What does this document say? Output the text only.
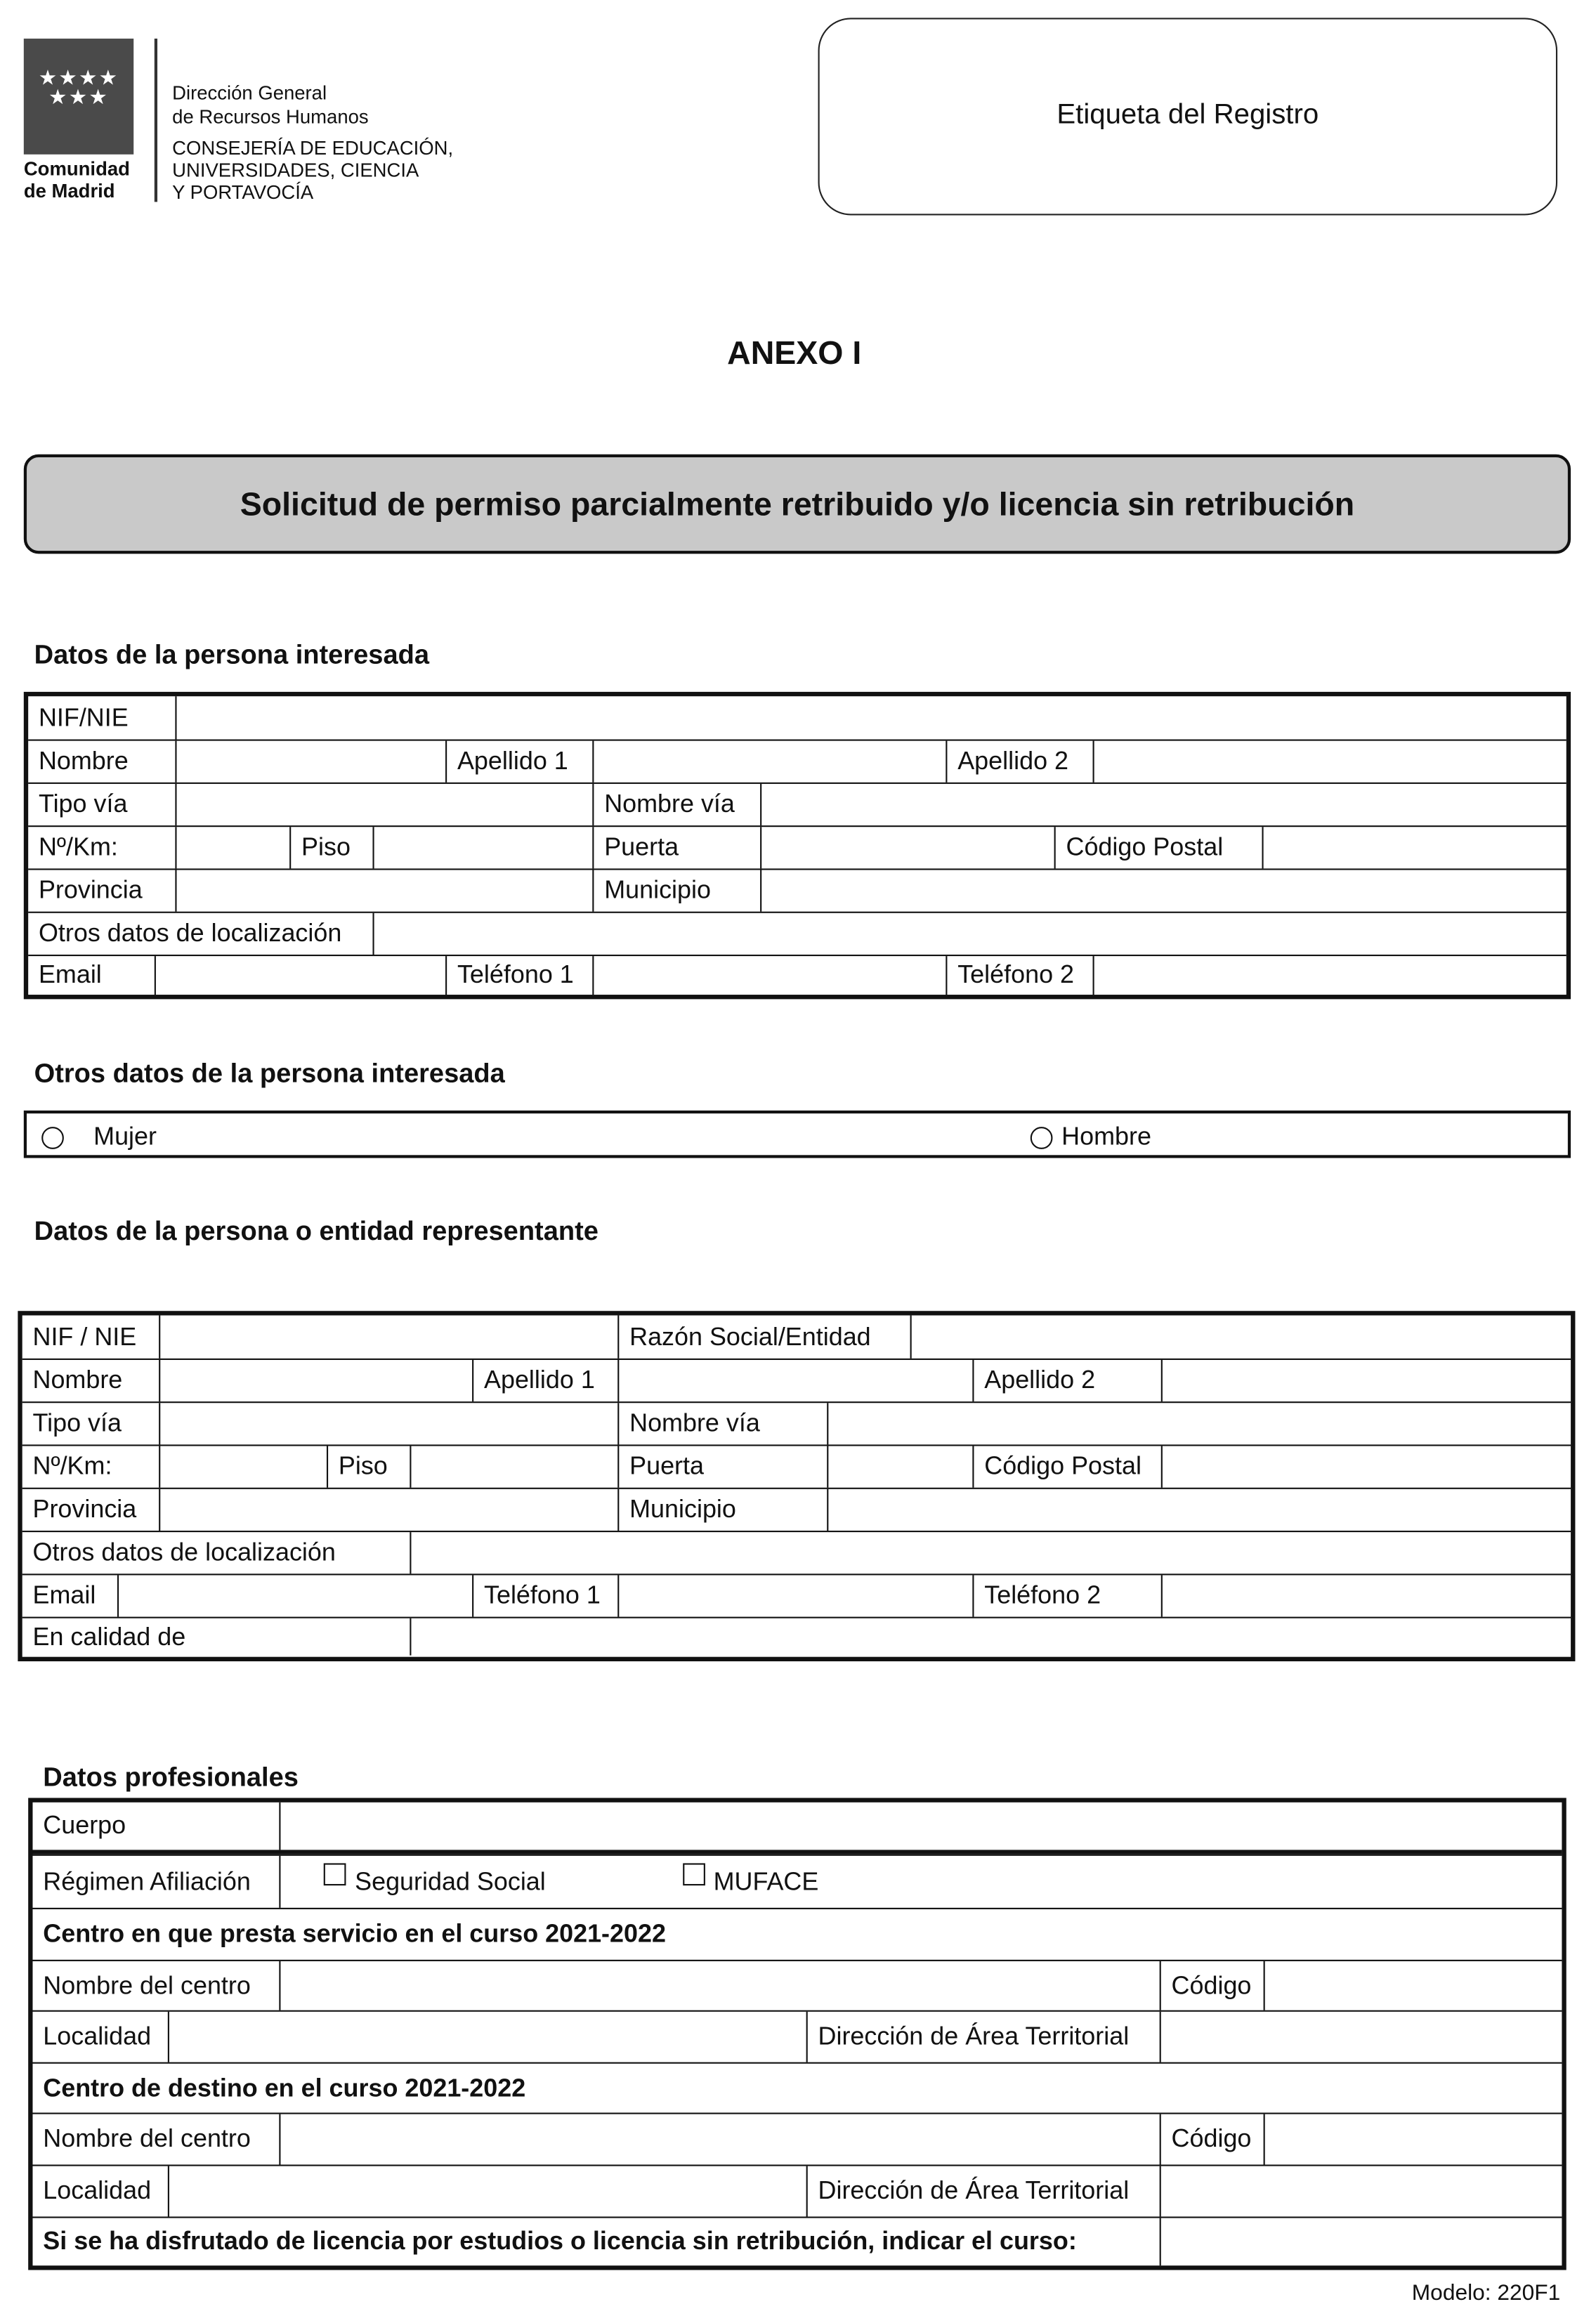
★★★★
★★★
Comunidad
de Madrid
Dirección General
de Recursos Humanos
CONSEJERÍA DE EDUCACIÓN,
UNIVERSIDADES, CIENCIA
Y PORTAVOCÍA
Etiqueta del Registro
ANEXO I
Solicitud de permiso parcialmente retribuido y/o licencia sin retribución
Datos de la persona interesada
NIF/NIE
Nombre	Apellido 1	Apellido 2
Tipo vía	Nombre vía
Nº/Km:	Piso	Puerta	Código Postal
Provincia	Municipio
Otros datos de localización
Email	Teléfono 1	Teléfono 2
Otros datos de la persona interesada
Mujer	Hombre
Datos de la persona o entidad representante
NIF / NIE	Razón Social/Entidad
Nombre	Apellido 1	Apellido 2
Tipo vía	Nombre vía
Nº/Km:	Piso	Puerta	Código Postal
Provincia	Municipio
Otros datos de localización
Email	Teléfono 1	Teléfono 2
En calidad de
Datos profesionales
Cuerpo
Régimen Afiliación	Seguridad Social	MUFACE
Centro en que presta servicio en el curso 2021-2022
Nombre del centro	Código
Localidad	Dirección de Área Territorial
Centro de destino en el curso 2021-2022
Nombre del centro	Código
Localidad	Dirección de Área Territorial
Si se ha disfrutado de licencia por estudios o licencia sin retribución, indicar el curso:
Modelo: 220F1
